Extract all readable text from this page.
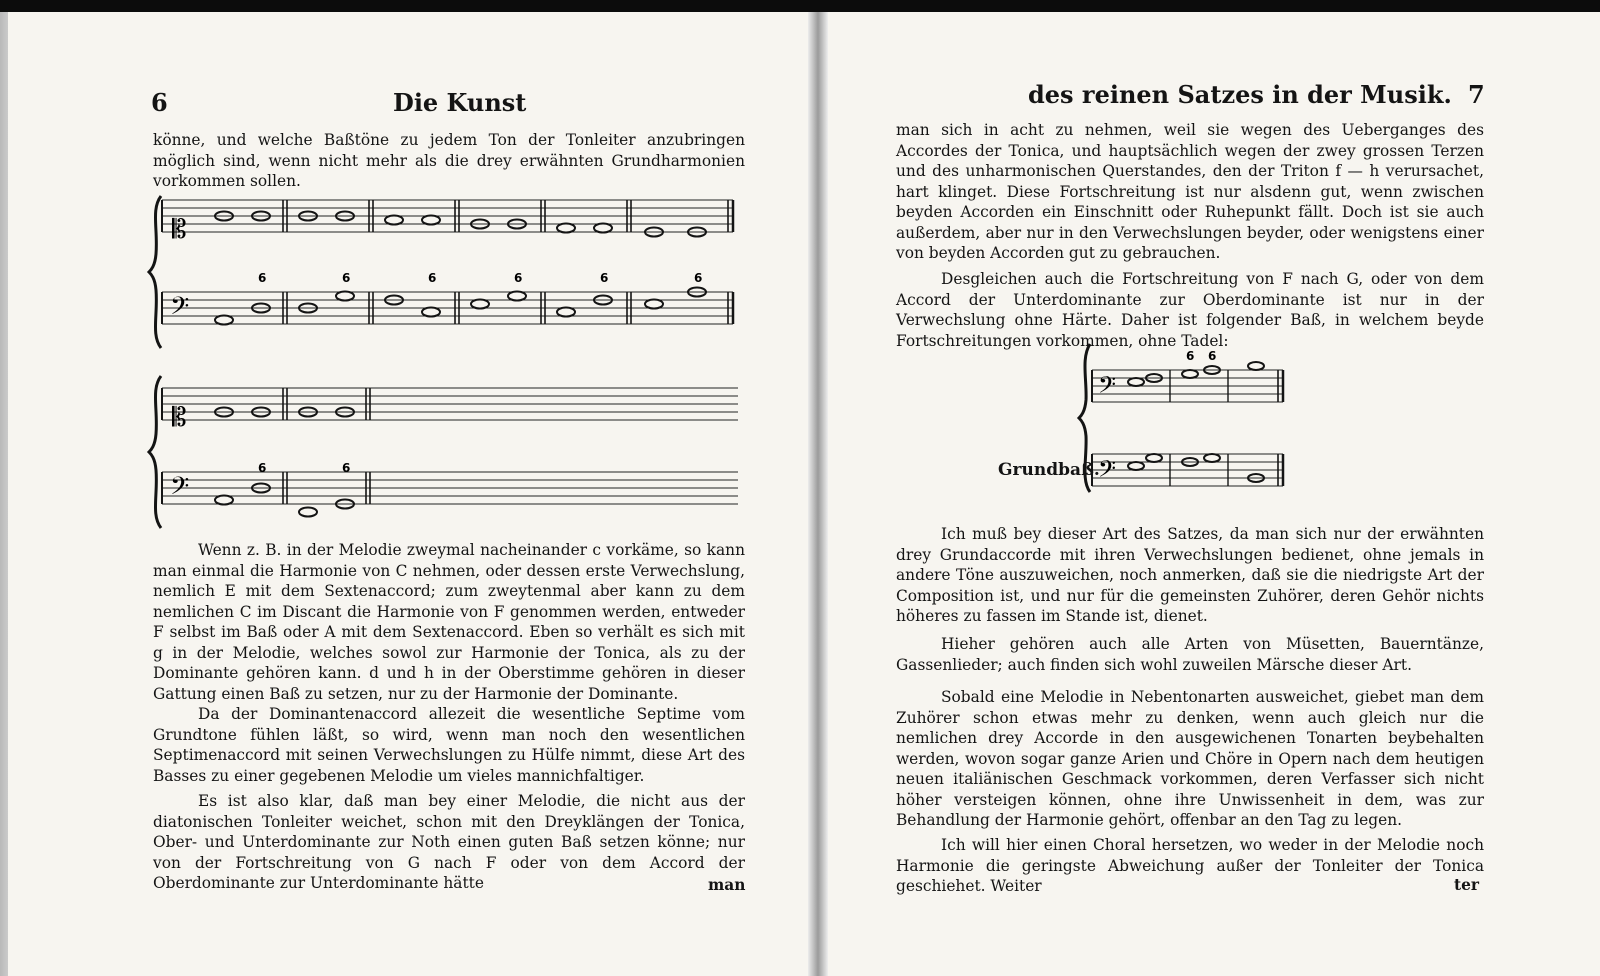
6	Die Kunst

könne, und welche Baßtöne zu jedem Ton der Tonleiter anzubringen möglich sind, wenn nicht mehr als die drey erwähnten Grundharmonien vorkommen sollen.

𝄡
𝄢
6	6	6	6	6	6
𝄡
𝄢
6	6

Wenn z. B. in der Melodie zweymal nacheinander c vorkäme, so kann man einmal die Harmonie von C nehmen, oder dessen erste Verwechslung, nemlich E mit dem Sextenaccord; zum zweytenmal aber kann zu dem nemlichen C im Discant die Harmonie von F genommen werden, entweder F selbst im Baß oder A mit dem Sextenaccord. Eben so verhält es sich mit g in der Melodie, welches sowol zur Harmonie der Tonica, als zu der Dominante gehören kann. d und h in der Oberstimme gehören in dieser Gattung einen Baß zu setzen, nur zu der Harmonie der Dominante.

Da der Dominantenaccord allezeit die wesentliche Septime vom Grundtone fühlen läßt, so wird, wenn man noch den wesentlichen Septimenaccord mit seinen Verwechslungen zu Hülfe nimmt, diese Art des Basses zu einer gegebenen Melodie um vieles mannichfaltiger.

Es ist also klar, daß man bey einer Melodie, die nicht aus der diatonischen Tonleiter weichet, schon mit den Dreyklängen der Tonica, Ober- und Unterdominante zur Noth einen guten Baß setzen könne; nur von der Fortschreitung von G nach F oder von dem Accord der Oberdominante zur Unterdominante hätte	man
des reinen Satzes in der Musik. 7

man sich in acht zu nehmen, weil sie wegen des Ueberganges des Accordes der Tonica, und hauptsächlich wegen der zwey grossen Terzen und des unharmonischen Querstandes, den der Triton f — h verursachet, hart klinget. Diese Fortschreitung ist nur alsdenn gut, wenn zwischen beyden Accorden ein Einschnitt oder Ruhepunkt fällt. Doch ist sie auch außerdem, aber nur in den Verwechslungen beyder, oder wenigstens einer von beyden Accorden gut zu gebrauchen.

Desgleichen auch die Fortschreitung von F nach G, oder von dem Accord der Unterdominante zur Oberdominante ist nur in der Verwechslung ohne Härte. Daher ist folgender Baß, in welchem beyde Fortschreitungen vorkommen, ohne Tadel:

𝄢
6 6
𝄢
Grundbaß.

Ich muß bey dieser Art des Satzes, da man sich nur der erwähnten drey Grundaccorde mit ihren Verwechslungen bedienet, ohne jemals in andere Töne auszuweichen, noch anmerken, daß sie die niedrigste Art der Composition ist, und nur für die gemeinsten Zuhörer, deren Gehör nichts höheres zu fassen im Stande ist, dienet.

Hieher gehören auch alle Arten von Müsetten, Bauerntänze, Gassenlieder; auch finden sich wohl zuweilen Märsche dieser Art.

Sobald eine Melodie in Nebentonarten ausweichet, giebet man dem Zuhörer schon etwas mehr zu denken, wenn auch gleich nur die nemlichen drey Accorde in den ausgewichenen Tonarten beybehalten werden, wovon sogar ganze Arien und Chöre in Opern nach dem heutigen neuen italiänischen Geschmack vorkommen, deren Verfasser sich nicht höher versteigen können, ohne ihre Unwissenheit in dem, was zur Behandlung der Harmonie gehört, offenbar an den Tag zu legen.

Ich will hier einen Choral hersetzen, wo weder in der Melodie noch Harmonie die geringste Abweichung außer der Tonleiter der Tonica geschiehet. Weiter	ter
